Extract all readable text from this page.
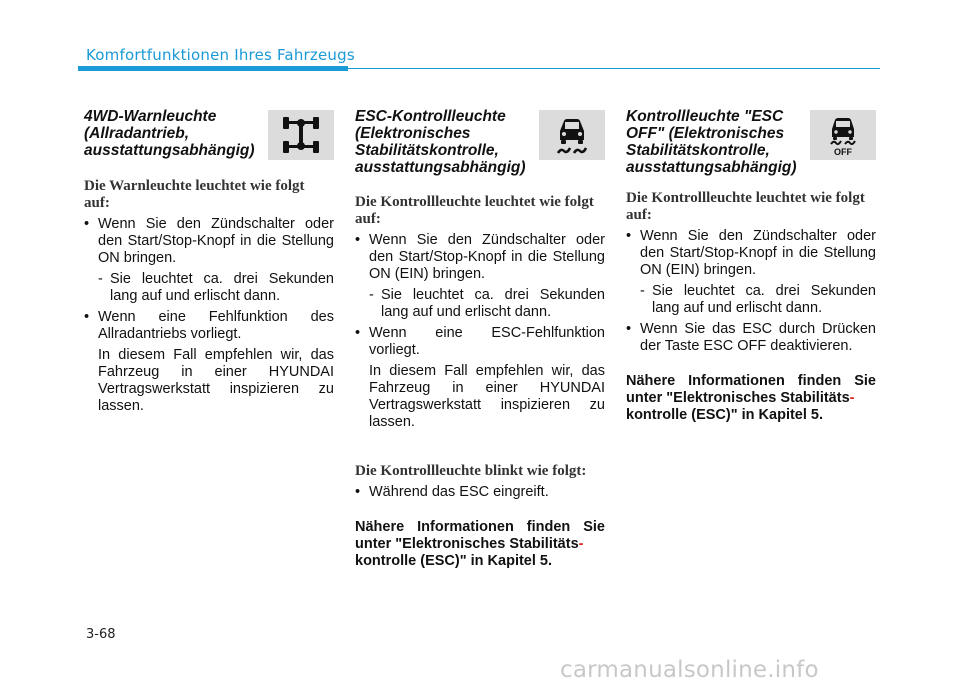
Komfortfunktionen Ihres Fahrzeugs
4WD-Warnleuchte (Allradantrieb, ausstattungsabhängig)

Die Warnleuchte leuchtet wie folgt auf:

• Wenn Sie den Zündschalter oder den Start/Stop-Knopf in die Stellung ON bringen.

- Sie leuchtet ca. drei Sekunden lang auf und erlischt dann.

• Wenn eine Fehlfunktion des Allradantriebs vorliegt.

In diesem Fall empfehlen wir, das Fahrzeug in einer HYUNDAI Vertragswerkstatt inspizieren zu lassen.

ESC-Kontrollleuchte (Elektronisches Stabilitätskontrolle, ausstattungsabhängig)

Die Kontrollleuchte leuchtet wie folgt auf:

• Wenn Sie den Zündschalter oder den Start/Stop-Knopf in die Stellung ON (EIN) bringen.

- Sie leuchtet ca. drei Sekunden lang auf und erlischt dann.

• Wenn eine ESC-Fehlfunktion vorliegt.

In diesem Fall empfehlen wir, das Fahrzeug in einer HYUNDAI Vertragswerkstatt inspizieren zu lassen.

Die Kontrollleuchte blinkt wie folgt:

• Während das ESC eingreift.

Nähere Informationen finden Sie unter "Elektronisches Stabilitäts-
kontrolle (ESC)" in Kapitel 5.

Kontrollleuchte "ESC OFF" (Elektronisches Stabilitätskontrolle, ausstattungsabhängig)
OFF

Die Kontrollleuchte leuchtet wie folgt auf:

• Wenn Sie den Zündschalter oder den Start/Stop-Knopf in die Stellung ON (EIN) bringen.

- Sie leuchtet ca. drei Sekunden lang auf und erlischt dann.

• Wenn Sie das ESC durch Drücken der Taste ESC OFF deaktivieren.

Nähere Informationen finden Sie unter "Elektronisches Stabilitäts-
kontrolle (ESC)" in Kapitel 5.

3-68
carmanualsonline.info
